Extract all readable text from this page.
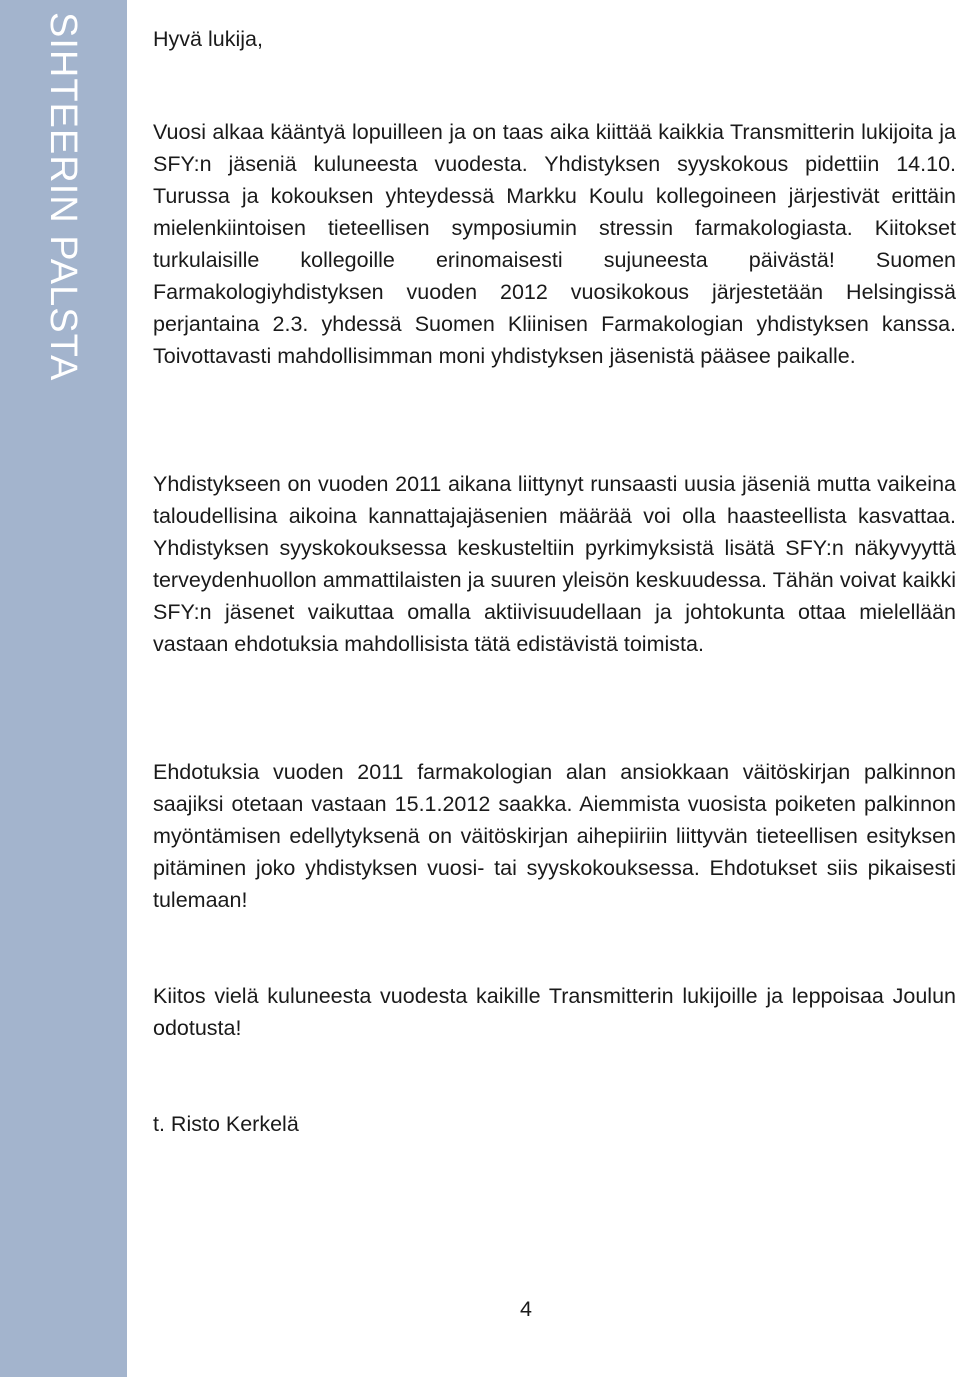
SIHTEERIN PALSTA	Hyvä lukija,

Vuosi alkaa kääntyä lopuilleen ja on taas aika kiittää kaikkia Transmitterin lukijoita ja SFY:n jäseniä kuluneesta vuodesta. Yhdistyksen syyskokous pidettiin 14.10. Turussa ja kokouksen yhteydessä Markku Koulu kollegoineen järjestivät erittäin mielenkiintoisen tieteellisen symposiumin stressin farmakologiasta. Kiitokset turkulaisille kollegoille erinomaisesti sujuneesta päivästä! Suomen Farmakologiyhdistyksen vuoden 2012 vuosikokous järjestetään Helsingissä perjantaina 2.3. yhdessä Suomen Kliinisen Farmakologian yhdistyksen kanssa. Toivottavasti mahdollisimman moni yhdistyksen jäsenistä pääsee paikalle.

Yhdistykseen on vuoden 2011 aikana liittynyt runsaasti uusia jäseniä mutta vaikeina taloudellisina aikoina kannattajajäsenien määrää voi olla haasteellista kasvattaa. Yhdistyksen syyskokouksessa keskusteltiin pyrkimyksistä lisätä SFY:n näkyvyyttä terveydenhuollon ammattilaisten ja suuren yleisön keskuudessa. Tähän voivat kaikki SFY:n jäsenet vaikuttaa omalla aktiivisuudellaan ja johtokunta ottaa mielellään vastaan ehdotuksia mahdollisista tätä edistävistä toimista.

Ehdotuksia vuoden 2011 farmakologian alan ansiokkaan väitöskirjan palkinnon saajiksi otetaan vastaan 15.1.2012 saakka. Aiemmista vuosista poiketen palkinnon myöntämisen edellytyksenä on väitöskirjan aihepiiriin liittyvän tieteellisen esityksen pitäminen joko yhdistyksen vuosi- tai syyskokouksessa. Ehdotukset siis pikaisesti tulemaan!

Kiitos vielä kuluneesta vuodesta kaikille Transmitterin lukijoille ja leppoisaa Joulun odotusta!

t. Risto Kerkelä

4
